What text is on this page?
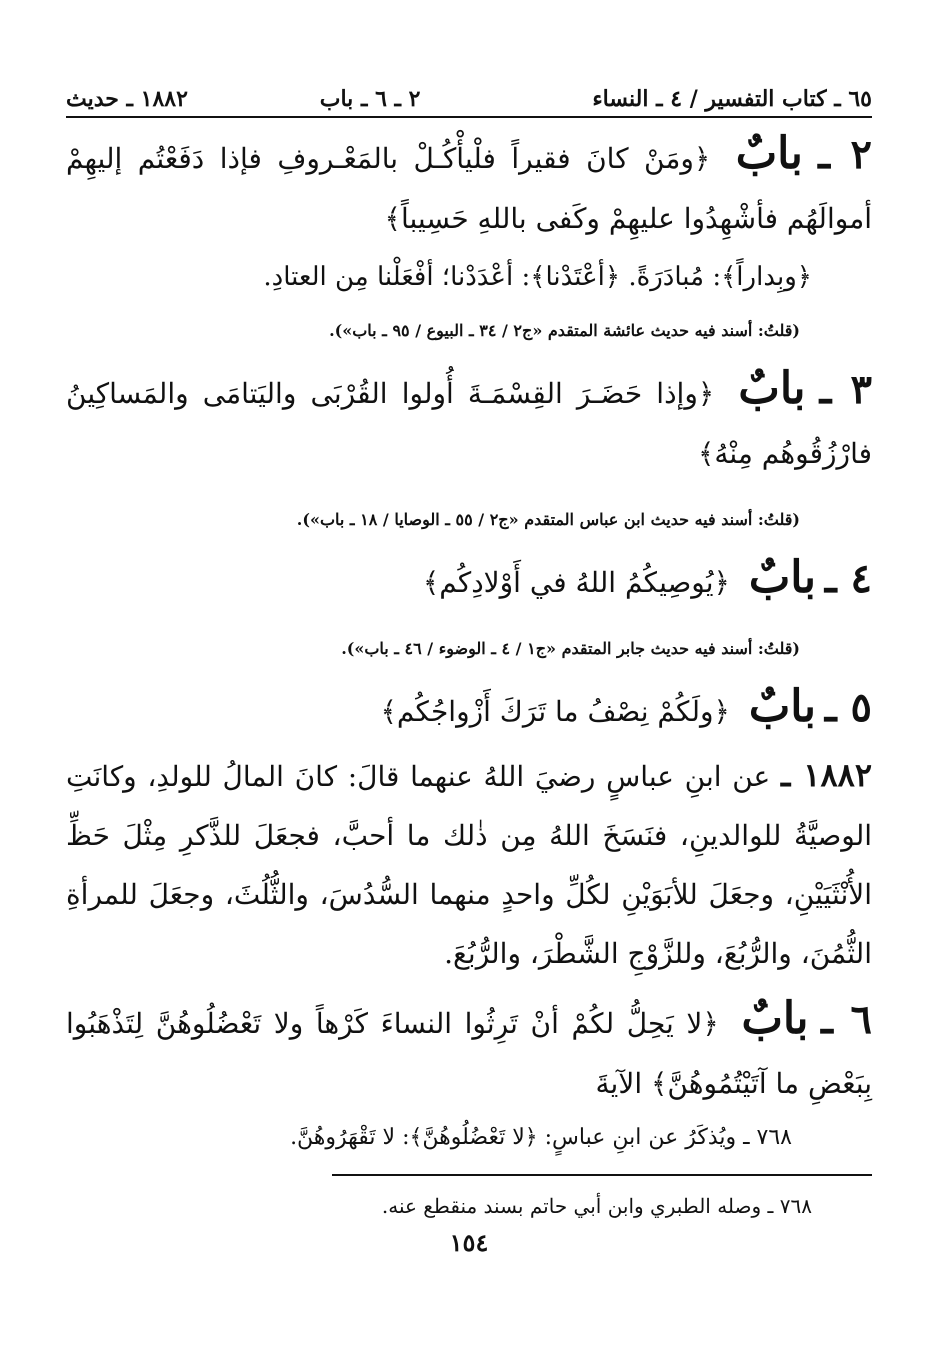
٦٥ ـ كتاب التفسير / ٤ ـ النساء
٢ ـ ٦ ـ باب
١٨٨٢ ـ حديث
٢ ـ بابٌ ﴿ومَنْ كانَ فقيراً فلْيأْكُـلْ بالمَعْـروفِ فإذا دَفَعْتُم إليهِمْ أموالَهُم فأشْهِدُوا عليهِمْ وكَفى باللهِ حَسِيباً﴾
﴿وبِداراً﴾: مُبادَرَةً. ﴿أعْتَدْنا﴾: أعْدَدْنا؛ أفْعَلْنا مِن العتادِ.
(قلتُ: أسند فيه حديث عائشة المتقدم «ج٢ / ٣٤ ـ البيوع / ٩٥ ـ باب»).
٣ ـ بابٌ ﴿وإذا حَضَـرَ القِسْمَـةَ أُولوا القُرْبَى واليَتامَى والمَساكِينُ فارْزُقُوهُم مِنْهُ﴾
(قلتُ: أسند فيه حديث ابن عباس المتقدم «ج٢ / ٥٥ ـ الوصايا / ١٨ ـ باب»).
٤ ـ بابٌ ﴿يُوصِيكُمُ اللهُ في أَوْلادِكُم﴾
(قلتُ: أسند فيه حديث جابر المتقدم «ج١ / ٤ ـ الوضوء / ٤٦ ـ باب»).
٥ ـ بابٌ ﴿ولَكُمْ نِصْفُ ما تَرَكَ أَزْواجُكُم﴾
١٨٨٢ ـ عن ابنِ عباسٍ رضيَ اللهُ عنهما قالَ: كانَ المالُ للولدِ، وكانَتِ الوصيَّةُ للوالدينِ، فنَسَخَ اللهُ مِن ذٰلك ما أحبَّ، فجعَلَ للذَّكرِ مِثْلَ حَظِّ الأُنْثَيَيْنِ، وجعَلَ للأبَوَيْنِ لكُلِّ واحدٍ منهما السُّدُسَ، والثُّلُثَ، وجعَلَ للمرأةِ الثُّمُنَ، والرُّبُعَ، وللزَّوْجِ الشَّطْرَ، والرُّبُعَ.
٦ ـ بابٌ ﴿لا يَحِلُّ لكُمْ أنْ تَرِثُوا النساءَ كَرْهاً ولا تَعْضُلُوهُنَّ لِتَذْهَبُوا بِبَعْضِ ما آتَيْتُمُوهُنَّ﴾ الآيةَ
٧٦٨ ـ ويُذكَرُ عن ابنِ عباسٍ: ﴿لا تَعْضُلُوهُنَّ﴾: لا تَقْهَرُوهُنَّ.
٧٦٨ ـ وصله الطبري وابن أبي حاتم بسند منقطع عنه.
١٥٤
